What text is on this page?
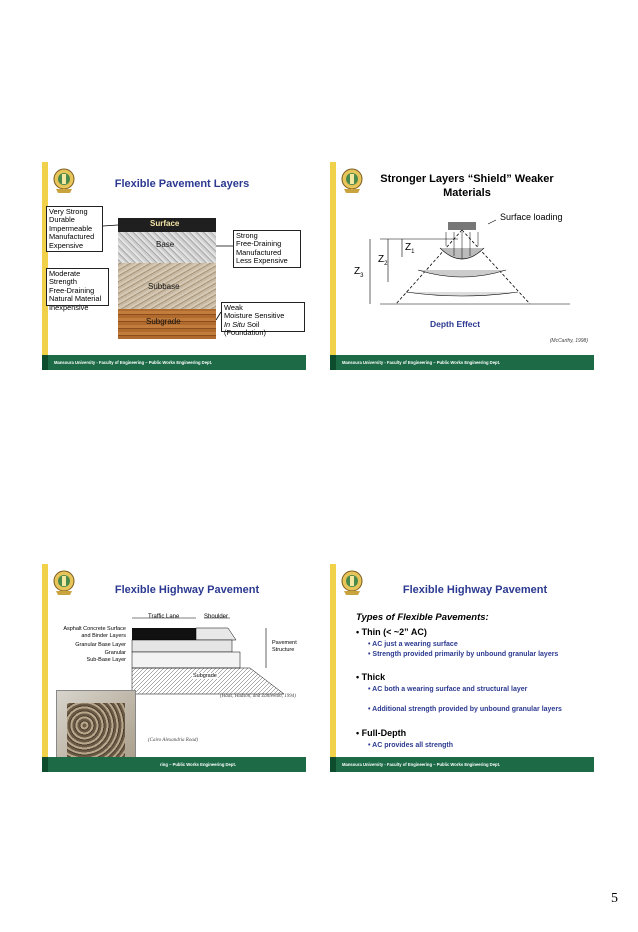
Flexible Pavement Layers
Surface
Base
Subbase
Subgrade
Very Strong
Durable
Impermeable
Manufactured
Expensive
Moderate Strength
Free-Draining
Natural Material
Inexpensive
Strong
Free-Draining
Manufactured
Less Expensive
Weak
Moisture Sensitive
In Situ Soil (Foundation)
Mansoura University - Faculty of Engineering – Public Works Engineering Dept.
Stronger Layers “Shield” Weaker
Materials
Surface loading
$Z_1$
$Z_2$
$Z_3$
Depth Effect
(McCarthy, 1998)
Mansoura University - Faculty of Engineering – Public Works Engineering Dept.
Flexible Highway Pavement
Traffic Lane	Shoulder
Asphalt Concrete Surface
and Binder Layers
Granular Base Layer
Granular
Sub-Base Layer
Pavement
Structure
Subgrade
(Haas, Hudson, and Zaniewski, 1994)
(Cairo Alexandria Road)
ring – Public Works Engineering Dept.
Flexible Highway Pavement
Types of Flexible Pavements:
• Thin (< ~2” AC)
• AC just a wearing surface
• Strength provided primarily by unbound granular layers
• Thick
• AC both a wearing surface and structural layer
• Additional strength provided by unbound granular layers
• Full-Depth
• AC provides all strength
Mansoura University - Faculty of Engineering – Public Works Engineering Dept.
5
